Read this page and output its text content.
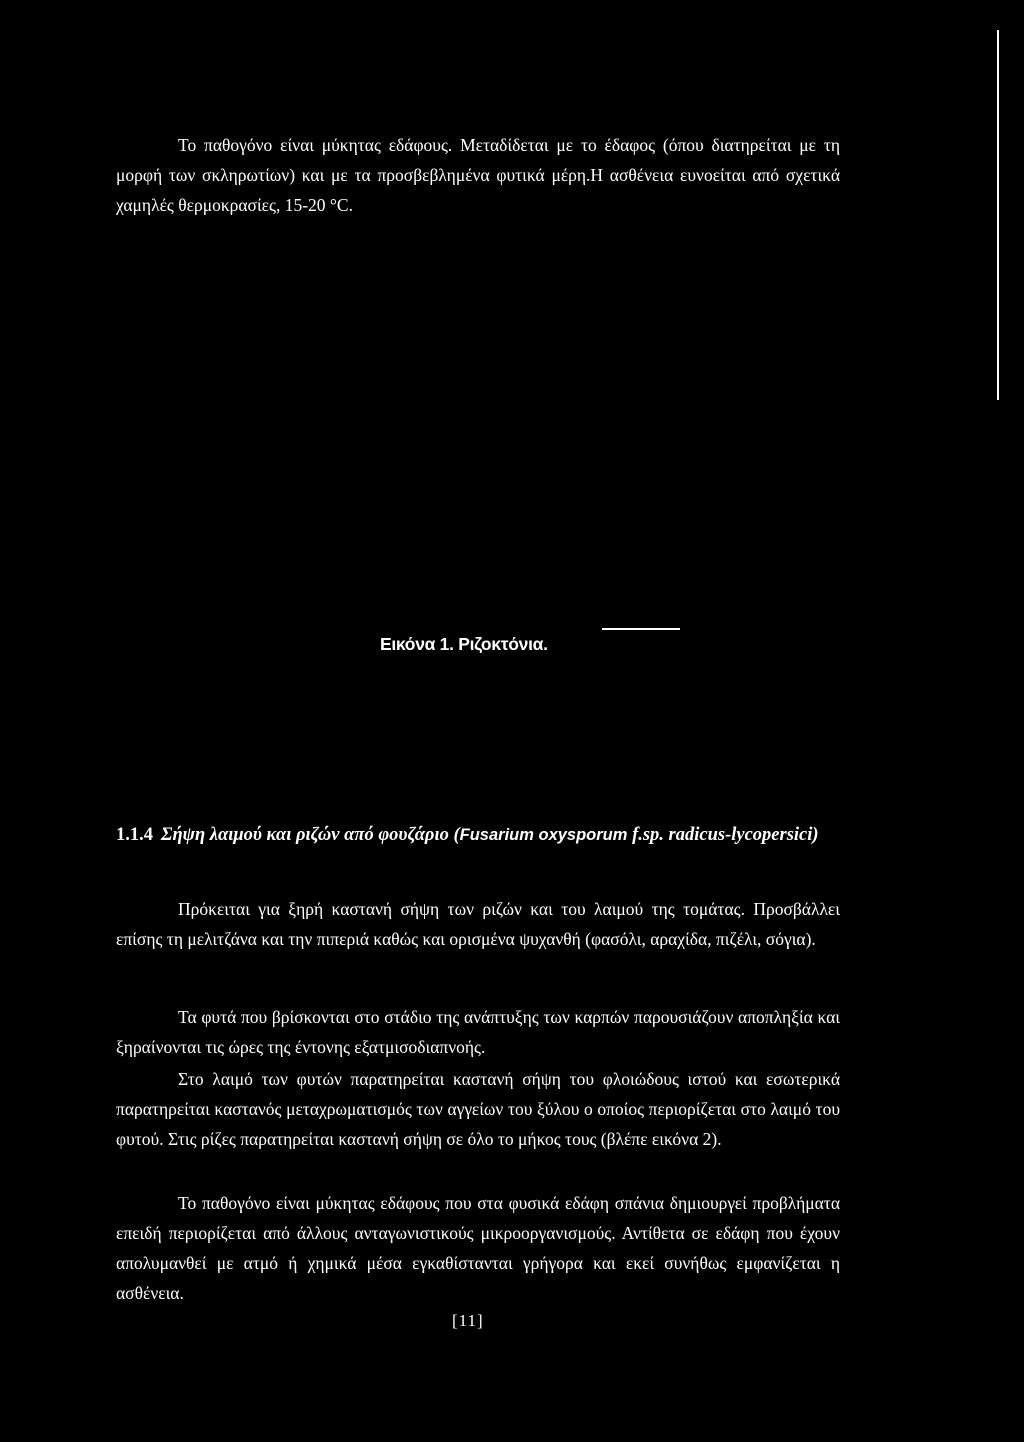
Το παθογόνο είναι μύκητας εδάφους. Μεταδίδεται με το έδαφος (όπου διατηρείται με τη μορφή των σκληρωτίων) και με τα προσβεβλημένα φυτικά μέρη.Η ασθένεια ευνοείται από σχετικά χαμηλές θερμοκρασίες, 15-20 °C.

Εικόνα 1. Ριζοκτόνια.

1.1.4 Σήψη λαιμού και ριζών από φουζάριο (Fusarium oxysporum f.sp. radicus-lycopersici)

Πρόκειται για ξηρή καστανή σήψη των ριζών και του λαιμού της τομάτας. Προσβάλλει επίσης τη μελιτζάνα και την πιπεριά καθώς και ορισμένα ψυχανθή (φασόλι, αραχίδα, πιζέλι, σόγια).

Τα φυτά που βρίσκονται στο στάδιο της ανάπτυξης των καρπών παρουσιάζουν αποπληξία και ξηραίνονται τις ώρες της έντονης εξατμισοδιαπνοής.

Στο λαιμό των φυτών παρατηρείται καστανή σήψη του φλοιώδους ιστού και εσωτερικά παρατηρείται καστανός μεταχρωματισμός των αγγείων του ξύλου ο οποίος περιορίζεται στο λαιμό του φυτού. Στις ρίζες παρατηρείται καστανή σήψη σε όλο το μήκος τους (βλέπε εικόνα 2).

Το παθογόνο είναι μύκητας εδάφους που στα φυσικά εδάφη σπάνια δημιουργεί προβλήματα επειδή περιορίζεται από άλλους ανταγωνιστικούς μικροοργανισμούς. Αντίθετα σε εδάφη που έχουν απολυμανθεί με ατμό ή χημικά μέσα εγκαθίστανται γρήγορα και εκεί συνήθως εμφανίζεται η ασθένεια.

[11]
